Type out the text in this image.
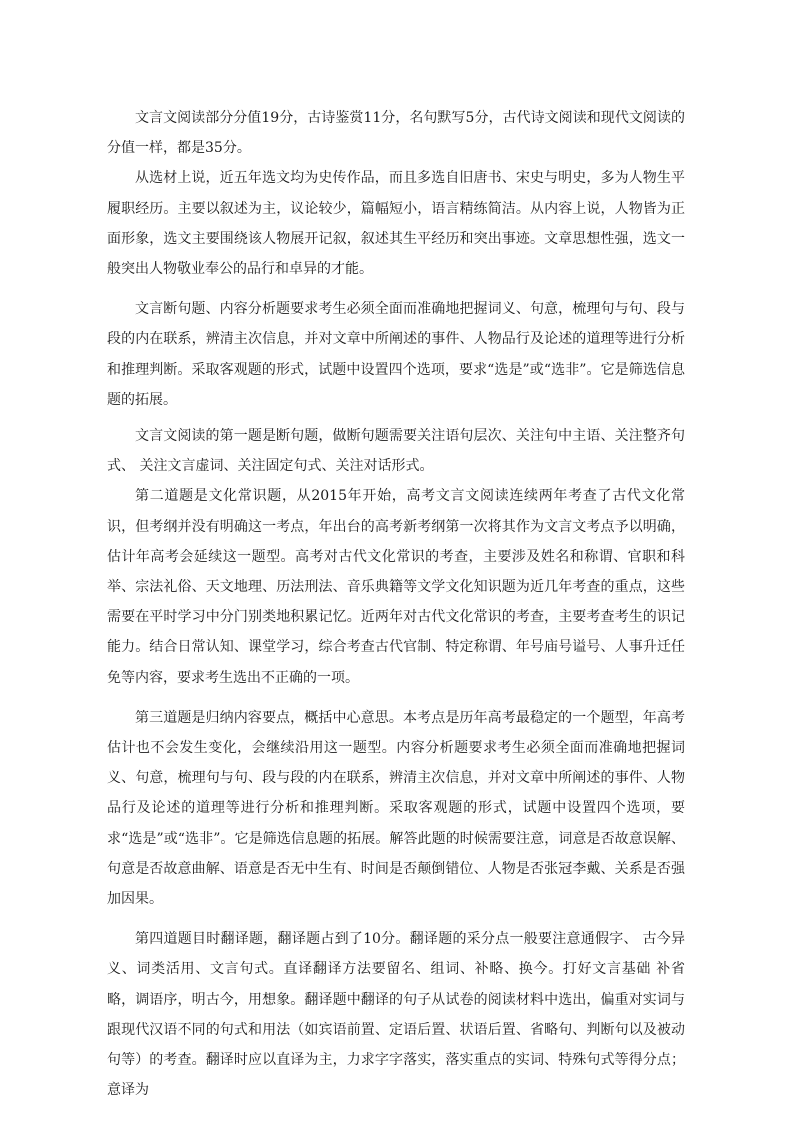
文言文阅读部分分值19分，古诗鉴赏11分，名句默写5分，古代诗文阅读和现代文阅读的分值一样，都是35分。

从选材上说，近五年选文均为史传作品，而且多选自旧唐书、宋史与明史，多为人物生平履职经历。主要以叙述为主，议论较少，篇幅短小，语言精练简洁。从内容上说，人物皆为正面形象，选文主要围绕该人物展开记叙，叙述其生平经历和突出事迹。文章思想性强，选文一般突出人物敬业奉公的品行和卓异的才能。

文言断句题、内容分析题要求考生必须全面而准确地把握词义、句意，梳理句与句、段与段的内在联系，辨清主次信息，并对文章中所阐述的事件、人物品行及论述的道理等进行分析和推理判断。采取客观题的形式，试题中设置四个选项，要求“选是”或“选非”。它是筛选信息题的拓展。

文言文阅读的第一题是断句题，做断句题需要关注语句层次、关注句中主语、关注整齐句式、 关注文言虚词、关注固定句式、关注对话形式。

第二道题是文化常识题，从2015年开始，高考文言文阅读连续两年考查了古代文化常识，但考纲并没有明确这一考点，年出台的高考新考纲第一次将其作为文言文考点予以明确，估计年高考会延续这一题型。高考对古代文化常识的考查，主要涉及姓名和称谓、官职和科举、宗法礼俗、天文地理、历法刑法、音乐典籍等文学文化知识题为近几年考查的重点，这些需要在平时学习中分门别类地积累记忆。近两年对古代文化常识的考查，主要考查考生的识记能力。结合日常认知、课堂学习，综合考查古代官制、特定称谓、年号庙号谥号、人事升迁任免等内容，要求考生选出不正确的一项。

第三道题是归纳内容要点，概括中心意思。本考点是历年高考最稳定的一个题型，年高考估计也不会发生变化，会继续沿用这一题型。内容分析题要求考生必须全面而准确地把握词义、句意，梳理句与句、段与段的内在联系，辨清主次信息，并对文章中所阐述的事件、人物品行及论述的道理等进行分析和推理判断。采取客观题的形式，试题中设置四个选项，要求“选是”或“选非”。它是筛选信息题的拓展。解答此题的时候需要注意，词意是否故意误解、句意是否故意曲解、语意是否无中生有、时间是否颠倒错位、人物是否张冠李戴、关系是否强加因果。

第四道题目时翻译题，翻译题占到了10分。翻译题的采分点一般要注意通假字、 古今异义、词类活用、文言句式。直译翻译方法要留名、组词、补略、换今。打好文言基础 补省略，调语序，明古今，用想象。翻译题中翻译的句子从试卷的阅读材料中选出，偏重对实词与跟现代汉语不同的句式和用法（如宾语前置、定语后置、状语后置、省略句、判断句以及被动句等）的考查。翻译时应以直译为主，力求字字落实，落实重点的实词、特殊句式等得分点；意译为
